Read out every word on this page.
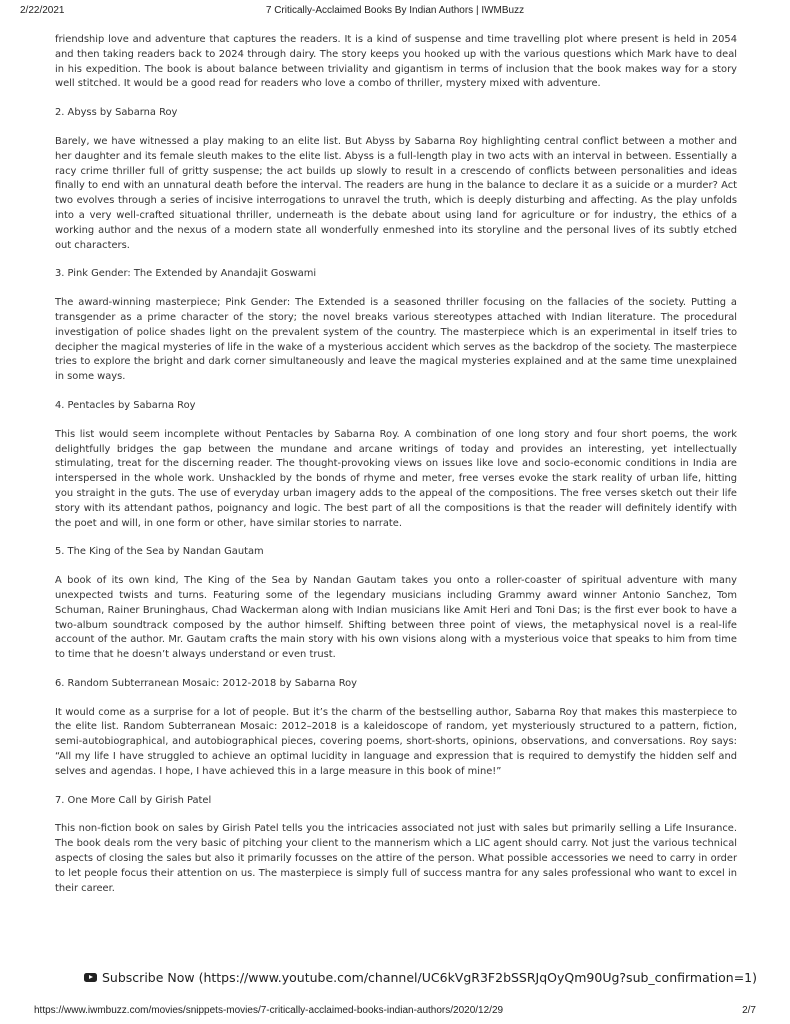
2/22/2021	7 Critically-Acclaimed Books By Indian Authors | IWMBuzz

friendship love and adventure that captures the readers. It is a kind of suspense and time travelling plot where present is held in 2054 and then taking readers back to 2024 through dairy. The story keeps you hooked up with the various questions which Mark have to deal in his expedition. The book is about balance between triviality and gigantism in terms of inclusion that the book makes way for a story well stitched. It would be a good read for readers who love a combo of thriller, mystery mixed with adventure.

2. Abyss by Sabarna Roy

Barely, we have witnessed a play making to an elite list. But Abyss by Sabarna Roy highlighting central conflict between a mother and her daughter and its female sleuth makes to the elite list. Abyss is a full-length play in two acts with an interval in between. Essentially a racy crime thriller full of gritty suspense; the act builds up slowly to result in a crescendo of conflicts between personalities and ideas finally to end with an unnatural death before the interval. The readers are hung in the balance to declare it as a suicide or a murder? Act two evolves through a series of incisive interrogations to unravel the truth, which is deeply disturbing and affecting. As the play unfolds into a very well-crafted situational thriller, underneath is the debate about using land for agriculture or for industry, the ethics of a working author and the nexus of a modern state all wonderfully enmeshed into its storyline and the personal lives of its subtly etched out characters.

3. Pink Gender: The Extended by Anandajit Goswami

The award-winning masterpiece; Pink Gender: The Extended is a seasoned thriller focusing on the fallacies of the society. Putting a transgender as a prime character of the story; the novel breaks various stereotypes attached with Indian literature. The procedural investigation of police shades light on the prevalent system of the country. The masterpiece which is an experimental in itself tries to decipher the magical mysteries of life in the wake of a mysterious accident which serves as the backdrop of the society. The masterpiece tries to explore the bright and dark corner simultaneously and leave the magical mysteries explained and at the same time unexplained in some ways.

4. Pentacles by Sabarna Roy

This list would seem incomplete without Pentacles by Sabarna Roy. A combination of one long story and four short poems, the work delightfully bridges the gap between the mundane and arcane writings of today and provides an interesting, yet intellectually stimulating, treat for the discerning reader. The thought-provoking views on issues like love and socio-economic conditions in India are interspersed in the whole work. Unshackled by the bonds of rhyme and meter, free verses evoke the stark reality of urban life, hitting you straight in the guts. The use of everyday urban imagery adds to the appeal of the compositions. The free verses sketch out their life story with its attendant pathos, poignancy and logic. The best part of all the compositions is that the reader will definitely identify with the poet and will, in one form or other, have similar stories to narrate.

5. The King of the Sea by Nandan Gautam

A book of its own kind, The King of the Sea by Nandan Gautam takes you onto a roller-coaster of spiritual adventure with many unexpected twists and turns. Featuring some of the legendary musicians including Grammy award winner Antonio Sanchez, Tom Schuman, Rainer Bruninghaus, Chad Wackerman along with Indian musicians like Amit Heri and Toni Das; is the first ever book to have a two-album soundtrack composed by the author himself. Shifting between three point of views, the metaphysical novel is a real-life account of the author. Mr. Gautam crafts the main story with his own visions along with a mysterious voice that speaks to him from time to time that he doesn’t always understand or even trust.

6. Random Subterranean Mosaic: 2012-2018 by Sabarna Roy

It would come as a surprise for a lot of people. But it’s the charm of the bestselling author, Sabarna Roy that makes this masterpiece to the elite list. Random Subterranean Mosaic: 2012–2018 is a kaleidoscope of random, yet mysteriously structured to a pattern, fiction, semi-autobiographical, and autobiographical pieces, covering poems, short-shorts, opinions, observations, and conversations. Roy says: “All my life I have struggled to achieve an optimal lucidity in language and expression that is required to demystify the hidden self and selves and agendas. I hope, I have achieved this in a large measure in this book of mine!”

7. One More Call by Girish Patel

This non-fiction book on sales by Girish Patel tells you the intricacies associated not just with sales but primarily selling a Life Insurance. The book deals rom the very basic of pitching your client to the mannerism which a LIC agent should carry. Not just the various technical aspects of closing the sales but also it primarily focusses on the attire of the person. What possible accessories we need to carry in order to let people focus their attention on us. The masterpiece is simply full of success mantra for any sales professional who want to excel in their career.

Subscribe Now (https://www.youtube.com/channel/UC6kVgR3F2bSSRJqOyQm90Ug?sub_confirmation=1)
https://www.iwmbuzz.com/movies/snippets-movies/7-critically-acclaimed-books-indian-authors/2020/12/29	2/7
